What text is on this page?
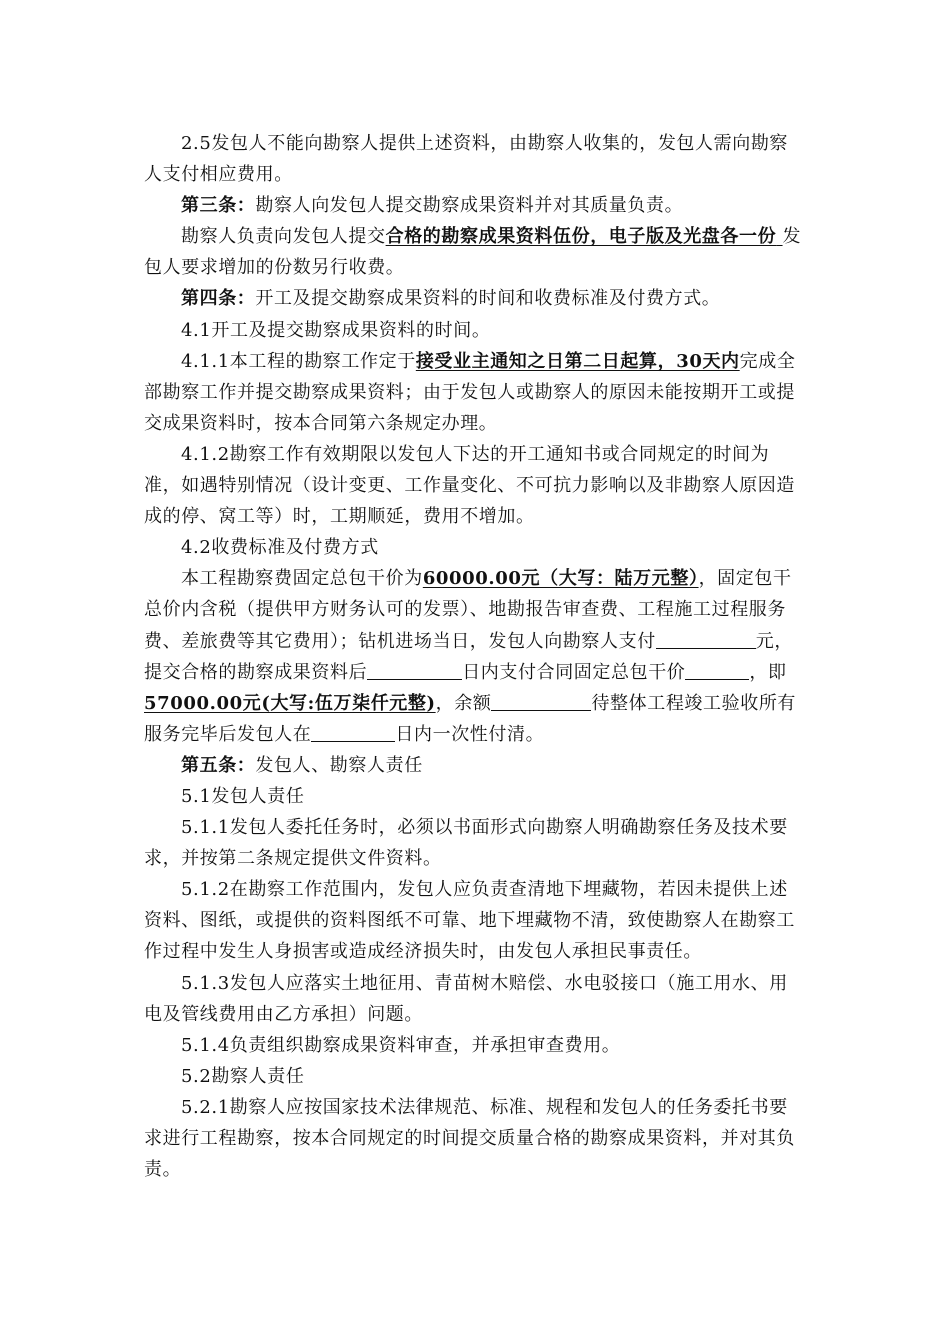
2.5发包人不能向勘察人提供上述资料，由勘察人收集的，发包人需向勘察人支付相应费用。

第三条：勘察人向发包人提交勘察成果资料并对其质量负责。

勘察人负责向发包人提交合格的勘察成果资料伍份，电子版及光盘各一份 发包人要求增加的份数另行收费。

第四条：开工及提交勘察成果资料的时间和收费标准及付费方式。

4.1开工及提交勘察成果资料的时间。

4.1.1本工程的勘察工作定于接受业主通知之日第二日起算，30天内完成全部勘察工作并提交勘察成果资料；由于发包人或勘察人的原因未能按期开工或提交成果资料时，按本合同第六条规定办理。

4.1.2勘察工作有效期限以发包人下达的开工通知书或合同规定的时间为准，如遇特别情况（设计变更、工作量变化、不可抗力影响以及非勘察人原因造成的停、窝工等）时，工期顺延，费用不增加。

4.2收费标准及付费方式

本工程勘察费固定总包干价为60000.00元（大写：陆万元整），固定包干总价内含税（提供甲方财务认可的发票）、地勘报告审查费、工程施工过程服务费、差旅费等其它费用）；钻机进场当日，发包人向勘察人支付	元，提交合格的勘察成果资料后	日内支付合同固定总包干价	，即57000.00元(大写:伍万柒仟元整)，余额	待整体工程竣工验收所有服务完毕后发包人在	日内一次性付清。

第五条：发包人、勘察人责任

5.1发包人责任

5.1.1发包人委托任务时，必须以书面形式向勘察人明确勘察任务及技术要求，并按第二条规定提供文件资料。

5.1.2在勘察工作范围内，发包人应负责查清地下埋藏物，若因未提供上述资料、图纸，或提供的资料图纸不可靠、地下埋藏物不清，致使勘察人在勘察工作过程中发生人身损害或造成经济损失时，由发包人承担民事责任。

5.1.3发包人应落实土地征用、青苗树木赔偿、水电驳接口（施工用水、用电及管线费用由乙方承担）问题。

5.1.4负责组织勘察成果资料审查，并承担审查费用。

5.2勘察人责任

5.2.1勘察人应按国家技术法律规范、标准、规程和发包人的任务委托书要求进行工程勘察，按本合同规定的时间提交质量合格的勘察成果资料，并对其负责。
